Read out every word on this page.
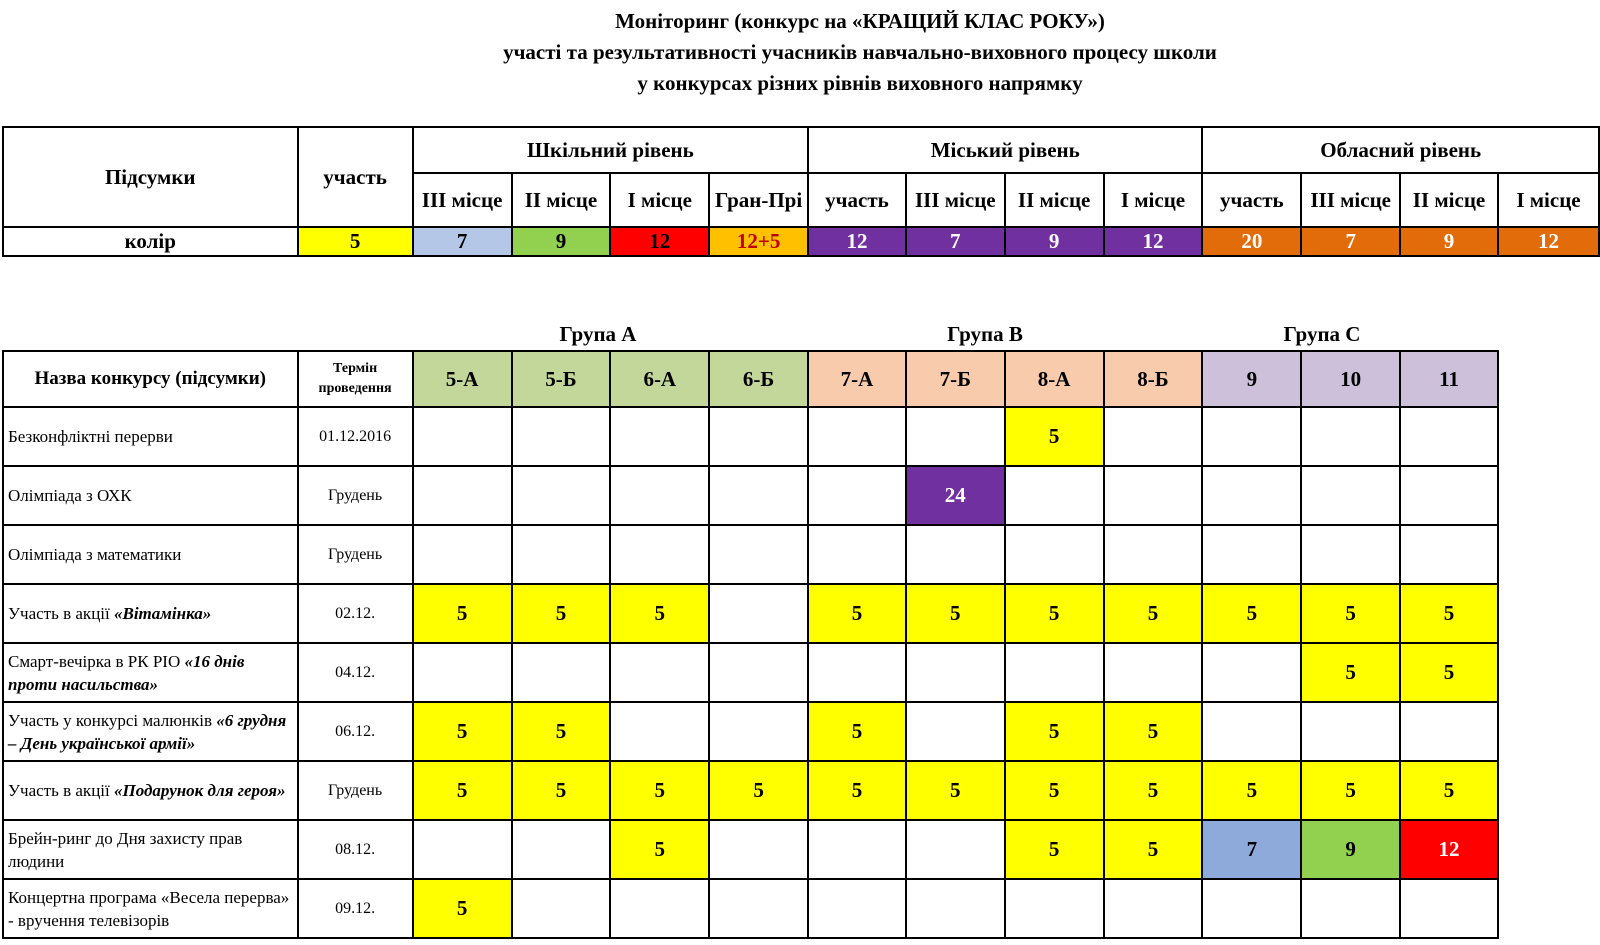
Моніторинг (конкурс на «КРАЩИЙ КЛАС РОКУ»)
участі та результативності учасників навчально-виховного процесу школи
у конкурсах різних рівнів виховного напрямку
Підсумки	участь	Шкільний рівень				Міський рівень				Обласний рівень			
		ІІІ місце	ІІ місце	І місце	Гран-Прі	участь	ІІІ місце	ІІ місце	І місце	участь	ІІІ місце	ІІ місце	І місце
колір	5	7	9	12	12+5	12	7	9	12	20	7	9	12
Група А	Група В	Група С
Назва конкурсу (підсумки)	Термін проведення	5-А	5-Б	6-А	6-Б	7-А	7-Б	8-А	8-Б	9	10	11
Безконфліктні перерви	01.12.2016							5				
Олімпіада з ОХК	Грудень						24					
Олімпіада з математики	Грудень											
Участь в акції «Вітамінка»	02.12.	5	5	5		5	5	5	5	5	5	5
Смарт-вечірка в РК РІО «16 днів проти насильства»	04.12.										5	5
Участь у конкурсі малюнків «6 грудня – День української армії»	06.12.	5	5			5		5	5			
Участь в акції «Подарунок для героя»	Грудень	5	5	5	5	5	5	5	5	5	5	5
Брейн-ринг до Дня захисту прав людини	08.12.			5				5	5	7	9	12
Концертна програма «Весела перерва» - вручення телевізорів	09.12.	5										
